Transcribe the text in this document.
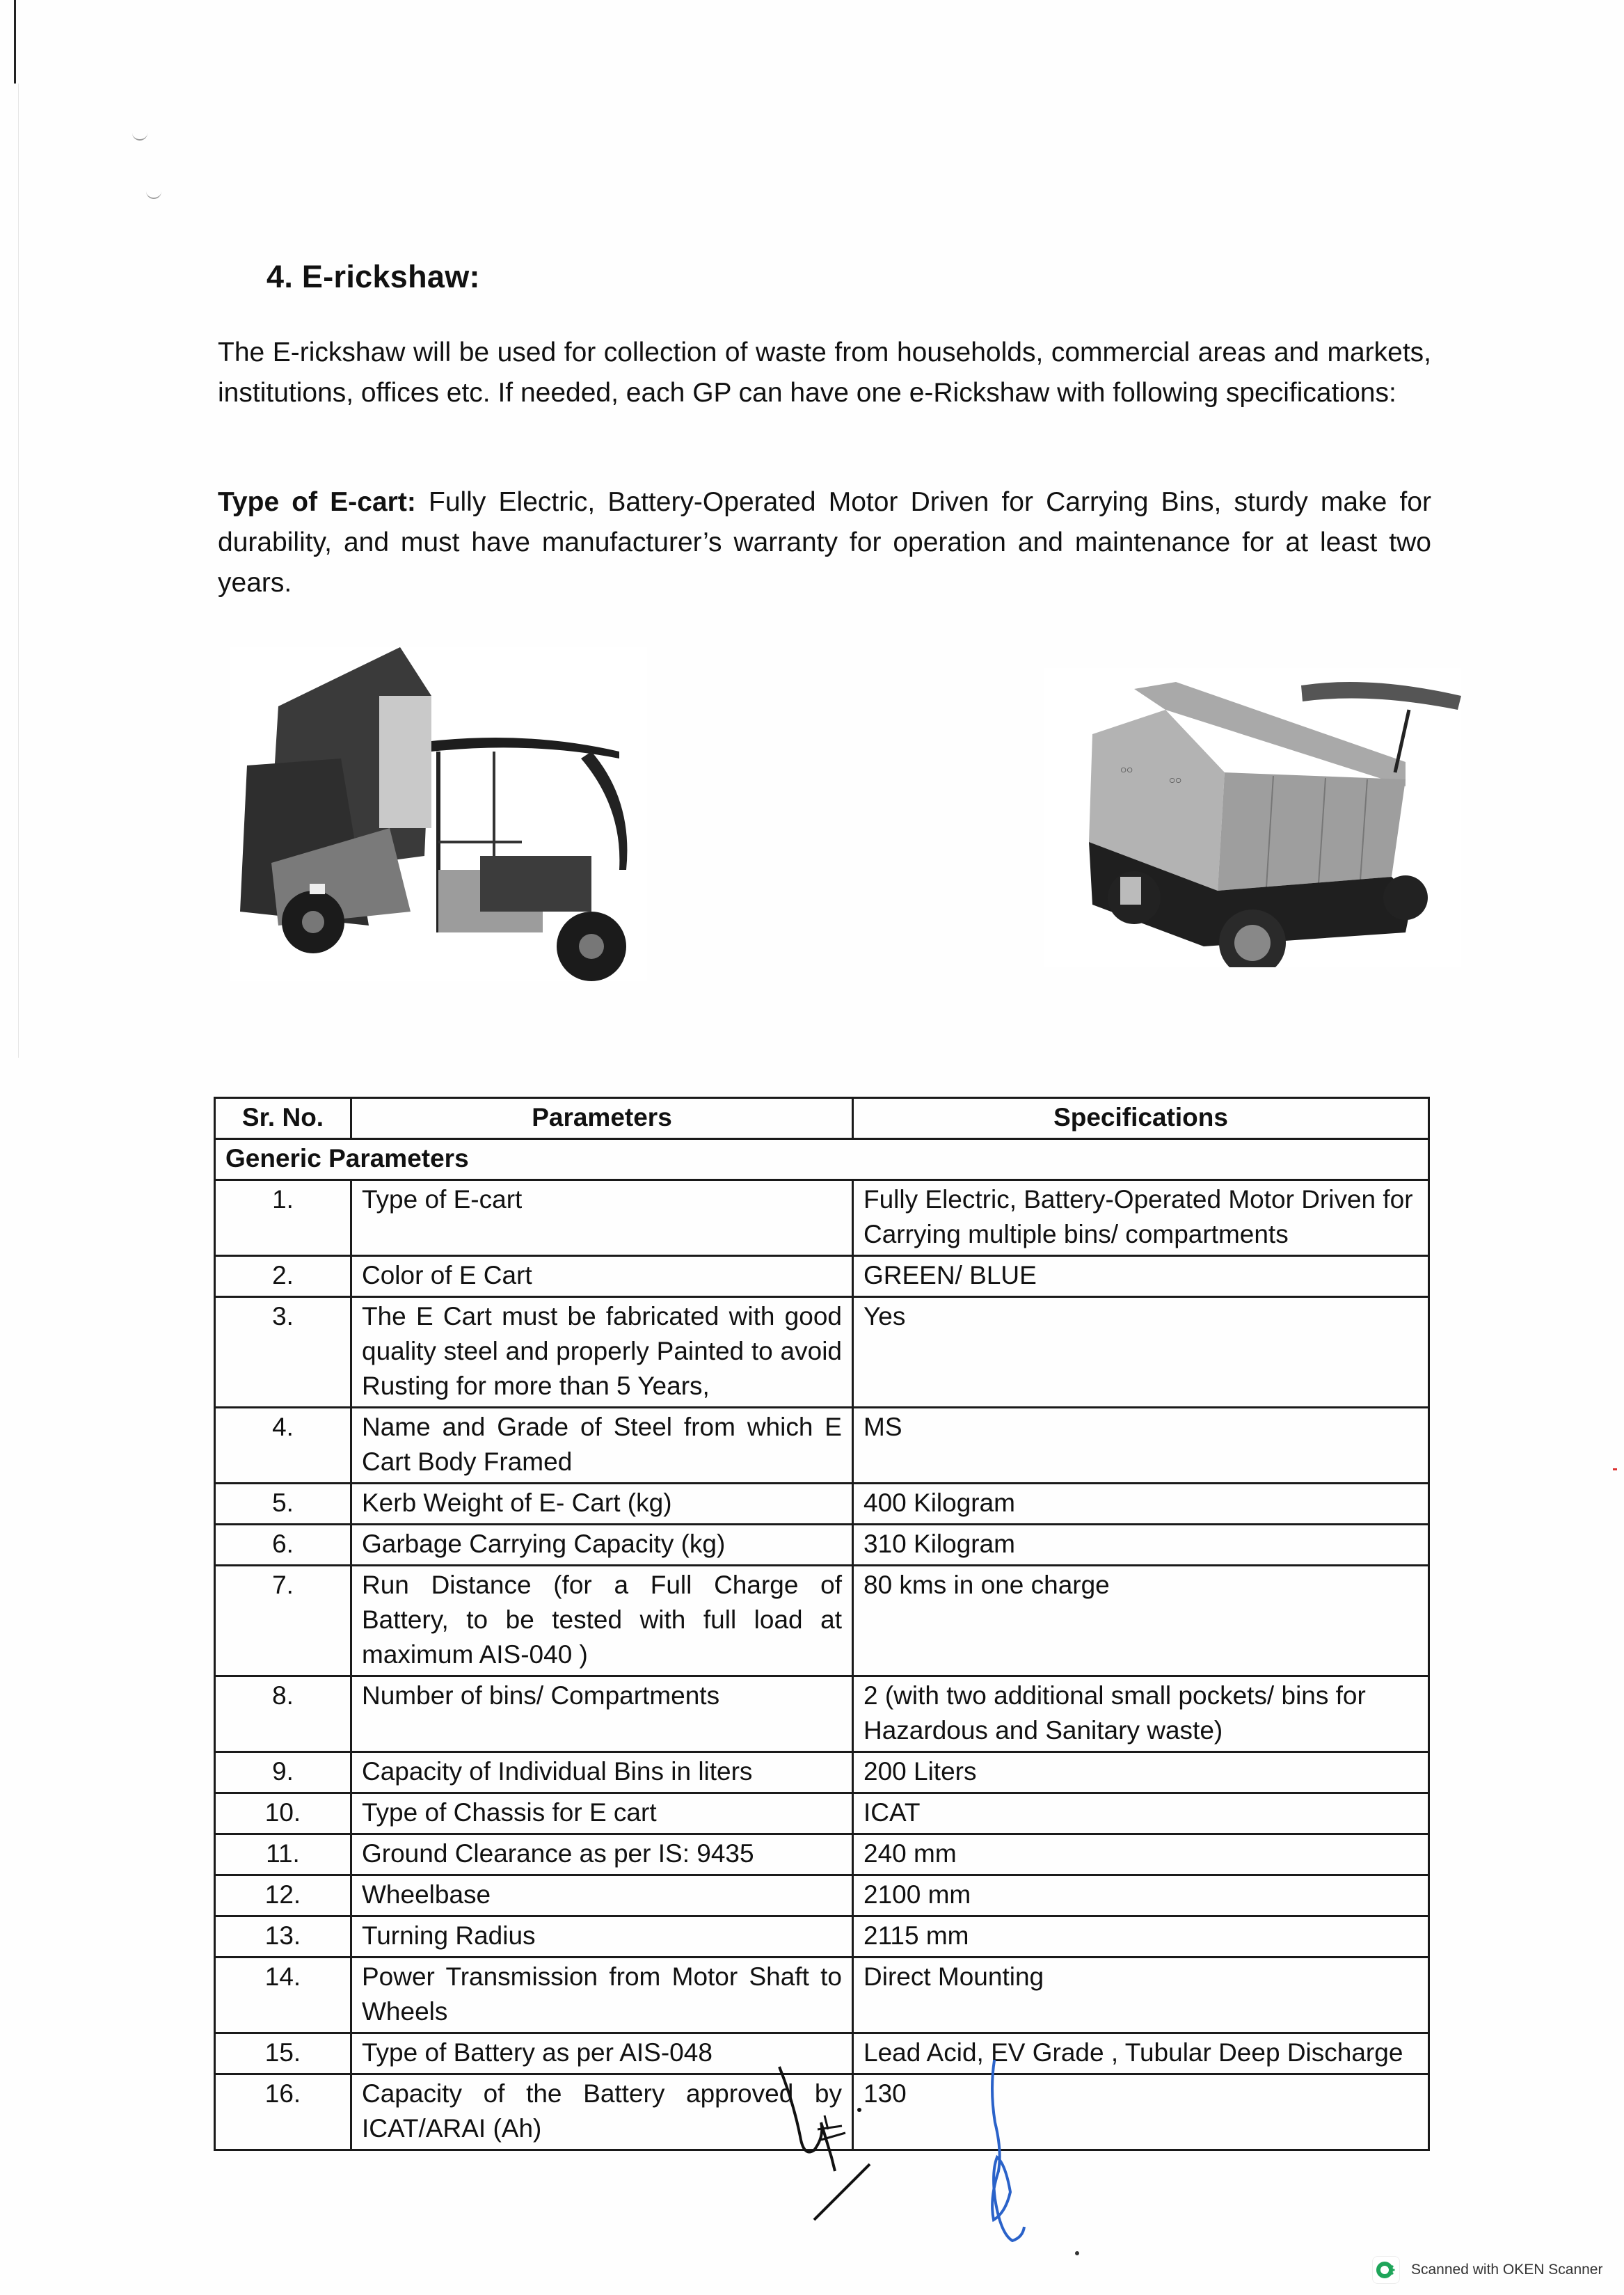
4. E-rickshaw:
The E-rickshaw will be used for collection of waste from households, commercial areas and markets, institutions, offices etc. If needed, each GP can have one e-Rickshaw with following specifications:
Type of E-cart: Fully Electric, Battery-Operated Motor Driven for Carrying Bins, sturdy make for durability, and must have manufacturer’s warranty for operation and maintenance for at least two years.
ဝဝ
ဝဝ
Sr. No.	Parameters	Specifications
Generic Parameters		
1.	Type of E-cart	Fully Electric, Battery-Operated Motor Driven for Carrying multiple bins/ compartments
2.	Color of E Cart	GREEN/ BLUE
3.	The E Cart must be fabricated with good quality steel and properly Painted to avoid Rusting for more than 5 Years,	Yes
4.	Name and Grade of Steel from which E Cart Body Framed	MS
5.	Kerb Weight of E- Cart (kg)	400 Kilogram
6.	Garbage Carrying Capacity (kg)	310 Kilogram
7.	Run Distance (for a Full Charge of Battery, to be tested with full load at maximum AIS-040 )	80 kms in one charge
8.	Number of bins/ Compartments	2 (with two additional small pockets/ bins for Hazardous and Sanitary waste)
9.	Capacity of Individual Bins in liters	200 Liters
10.	Type of Chassis for E cart	ICAT
11.	Ground Clearance as per IS: 9435	240 mm
12.	Wheelbase	2100 mm
13.	Turning Radius	2115 mm
14.	Power Transmission from Motor Shaft to Wheels	Direct Mounting
15.	Type of Battery as per AIS-048	Lead Acid, EV Grade , Tubular Deep Discharge
16.	Capacity of the Battery approved by ICAT/ARAI (Ah)	130
Scanned with OKEN Scanner
